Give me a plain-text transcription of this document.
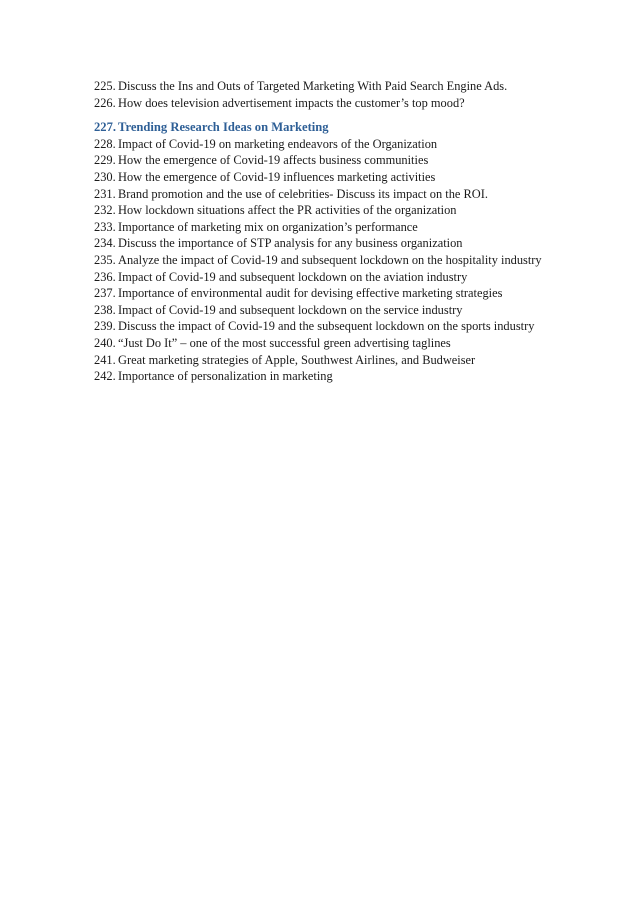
225. Discuss the Ins and Outs of Targeted Marketing With Paid Search Engine Ads.
226. How does television advertisement impacts the customer’s top mood?
227. Trending Research Ideas on Marketing
228. Impact of Covid-19 on marketing endeavors of the Organization
229. How the emergence of Covid-19 affects business communities
230. How the emergence of Covid-19 influences marketing activities
231. Brand promotion and the use of celebrities- Discuss its impact on the ROI.
232. How lockdown situations affect the PR activities of the organization
233. Importance of marketing mix on organization’s performance
234. Discuss the importance of STP analysis for any business organization
235. Analyze the impact of Covid-19 and subsequent lockdown on the hospitality industry
236. Impact of Covid-19 and subsequent lockdown on the aviation industry
237. Importance of environmental audit for devising effective marketing strategies
238. Impact of Covid-19 and subsequent lockdown on the service industry
239. Discuss the impact of Covid-19 and the subsequent lockdown on the sports industry
240. “Just Do It” – one of the most successful green advertising taglines
241. Great marketing strategies of Apple, Southwest Airlines, and Budweiser
242. Importance of personalization in marketing
